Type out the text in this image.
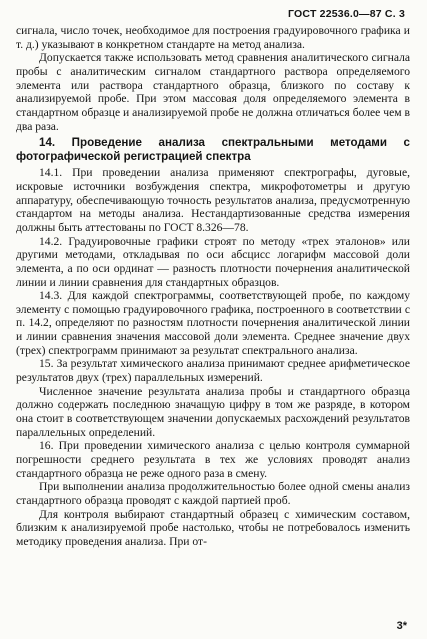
ГОСТ 22536.0—87 С. 3

сигнала, число точек, необходимое для построения градуировочного графика и т. д.) указывают в конкретном стандарте на метод анализа.

Допускается также использовать метод сравнения аналитического сигнала пробы с аналитическим сигналом стандартного раствора определяемого элемента или раствора стандартного образца, близкого по составу к анализируемой пробе. При этом массовая доля определяемого элемента в стандартном образце и анализируемой пробе не должна отличаться более чем в два раза.

14. Проведение анализа спектральными методами с фотографической регистрацией спектра

14.1. При проведении анализа применяют спектрографы, дуговые, искровые источники возбуждения спектра, микрофотометры и другую аппаратуру, обеспечивающую точность результатов анализа, предусмотренную стандартом на методы анализа. Нестандартизованные средства измерения должны быть аттестованы по ГОСТ 8.326—78.

14.2. Градуировочные графики строят по методу «трех эталонов» или другими методами, откладывая по оси абсцисс логарифм массовой доли элемента, а по оси ординат — разность плотности почернения аналитической линии и линии сравнения для стандартных образцов.

14.3. Для каждой спектрограммы, соответствующей пробе, по каждому элементу с помощью градуировочного графика, построенного в соответствии с п. 14.2, определяют по разностям плотности почернения аналитической линии и линии сравнения значения массовой доли элемента. Среднее значение двух (трех) спектрограмм принимают за результат спектрального анализа.

15. За результат химического анализа принимают среднее арифметическое результатов двух (трех) параллельных измерений.

Численное значение результата анализа пробы и стандартного образца должно содержать последнюю значащую цифру в том же разряде, в котором она стоит в соответствующем значении допускаемых расхождений результатов параллельных определений.

16. При проведении химического анализа с целью контроля суммарной погрешности среднего результата в тех же условиях проводят анализ стандартного образца не реже одного раза в смену.

При выполнении анализа продолжительностью более одной смены анализ стандартного образца проводят с каждой партией проб.

Для контроля выбирают стандартный образец с химическим составом, близким к анализируемой пробе настолько, чтобы не потребовалось изменить методику проведения анализа. При от-

3*
